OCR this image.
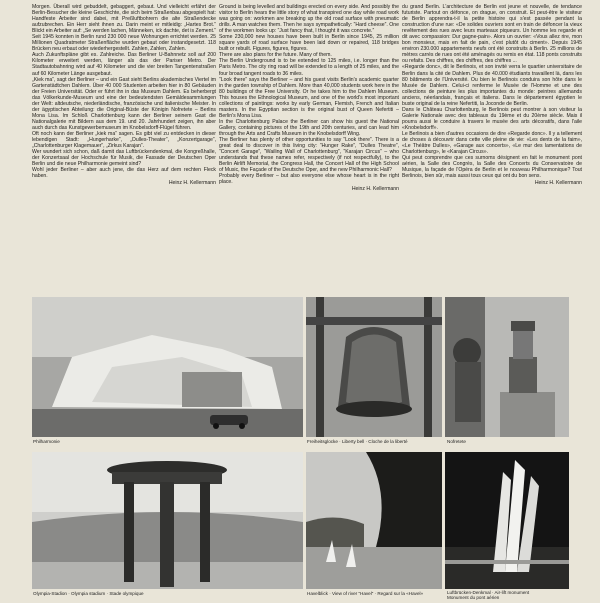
Morgen. Überall wird gebuddelt, gebaggert, gebaut. Und vielleicht erfährt der Berlin-Besucher die kleine Geschichte, die sich beim Straßenbau abgespielt hat: Handfeste Arbeiter sind dabei, mit Preßluftbohrern die alte Straßendecke aufzubrechen. Ein Herr sieht ihnen zu. Darin meint er mitleidig: „Hartes Brot.“ Blickt ein Arbeiter auf: „Se werden lachen, Männeken, ick dachte, det is Zement.“ Seit 1945 konnten in Berlin rund 230 000 neue Wohnungen errichtet werden. 25 Millionen Quadratmeter Straßenfläche wurden gebaut oder instandgesetzt. 118 Brücken neu erbaut oder wiederhergestellt. Zahlen, Zahlen, Zahlen.

Auch Zukunftspläne gibt es. Zahlreiche. Das Berliner U-Bahnnetz soll auf 200 Kilometer erweitert werden, länger als das der Pariser Metro. Der Stadtautobahnring wird auf 40 Kilometer und die vier breiten Tangentenstraßen auf 60 Kilometer Länge ausgebaut.

„Kiek ma“, sagt der Berliner – und ein Gast sieht Berlins akademisches Viertel im Gartenstädtchen Dahlem. Über 40 000 Studenten arbeiten hier in 80 Gebäuden der Freien Universität. Oder er führt ihn in das Museum Dahlem. Es beherbergt das Völkerkunde-Museum und eine der bedeutendsten Gemäldesammlungen der Welt: altdeutsche, niederländische, französische und italienische Meister. In der ägyptischen Abteilung: die Original-Büste der Königin Nofretete – Berlins Mona Lisa. Im Schloß Charlottenburg kann der Berliner seinem Gast die Nationalgalerie mit Bildern aus dem 19. und 20. Jahrhundert zeigen, ihn aber auch durch das Kunstgewerbemuseum im Knobelsdorff-Flügel führen.

Oft noch kann der Berliner „kiek ma“ sagen. Es gibt viel zu entdecken in dieser lebendigen Stadt: „Hungerharke“, „Dulles-Theater“, „Konzertgarage“, „Charlottenburger Klagemauer“, „Zirkus Karajan“.

Wer wundert sich schon, daß damit das Luftbrückendenkmal, die Kongreßhalle, der Konzertsaal der Hochschule für Musik, die Fassade der Deutschen Oper Berlin und die neue Philharmonie gemeint sind?

Wohl jeder Berliner – aber auch jene, die das Herz auf dem rechten Fleck haben.

Heinz H. Kellermann

Ground is being levelled and buildings erected on every side. And possibly the visitor to Berlin hears the little story of what transpired one day while road work was going on: workmen are breaking up the old road surface with pneumatic drills. A man watches them. Then he says sympathetically: “Hard cheese”. One of the workmen looks up: “Just fancy that, I thought it was concrete.”

Some 230,000 new houses have been built in Berlin since 1945, 25 million square yards of road surface have been laid down or repaired, 118 bridges built or rebuilt. Figures, figures, figures.

There are also plans for the future. Many of them.

The Berlin Underground is to be extended to 125 miles, i.e. longer than the Paris Metro. The city ring road will be extended to a length of 25 miles, and the four broad tangent roads to 36 miles.

“Look there” says the Berliner – and his guest visits Berlin's academic quarter in the garden township of Dahlem. More than 40,000 students work here in the 80 buildings of the Free University. Or he takes him to the Dahlem Museum. This houses the Ethnological Museum, and one of the world's most important collections of paintings: works by early German, Flemish, French and Italian masters. In the Egyptian section is the original bust of Queen Nefertiti – Berlin's Mona Lisa.

In the Charlottenburg Palace the Berliner can show his guest the National Gallery, containing pictures of the 19th and 20th centuries, and can lead him through the Arts and Crafts Museum in the Knobelsdorff Wing.

The Berliner has plenty of other opportunities to say “Look there”. There is a great deal to discover in this living city: “Hunger Rake”, “Dulles Theatre”, “Concert Garage”, “Wailing Wall of Charlottenburg”, “Karajan Circus” – who understands that these names refer, respectively (if not respectfully), to the Berlin Airlift Memorial, the Congress Hall, the Concert Hall of the High School of Music, the Façade of the Deutsche Oper, and the new Philharmonic Hall?

Probably every Berliner – but also everyone else whose heart is in the right place.

Heinz H. Kellermann

du grand Berlin. L'architecture de Berlin est jeune et nouvelle, de tendance futuriste. Partout on défonce, on drague, on construit. Et peut-être le visiteur de Berlin apprendra-t-il la petite histoire qui s'est passée pendant la construction d'une rue: «De solides ouvriers sont en train de défoncer la vieux revêtement des rues avec leurs marteaux piqueurs. Un homme les regarde et dit avec compassion: Dur gagne-pain». Alors un ouvrier: «Vous allez rire, mon bon monsieur, mais en fait de pain, c'est plutôt du ciment». Depuis 1945 environ 230.000 appartements neufs ont été construits à Berlin. 25 millions de mètres carrés de rues ont été aménagés ou remis en état. 118 ponts construits ou refaits. Des chiffres, des chiffres, des chiffres ...

«Regarde donc», dit le Berlinois, et son invité verra le quartier universitaire de Berlin dans la cité de Dahlem. Plus de 40.000 étudiants travaillent là, dans les 80 bâtiments de l'Université. Ou bien le Berlinois conduira son hôte dans le Musée de Dahlem. Celui-ci renferme le Musée de l'Homme et une des collections de peinture les plus importantes du monde: peintres allemands anciens, néerlandais, français et italiens. Dans le département égyptien le buste original de la reine Nefertiti, la Joconde de Berlin.

Dans le Château Charlottenburg, le Berlinois peut montrer à son visiteur la Galerie Nationale avec des tableaux du 19ème et du 20ème siècle. Mais il pourra aussi le conduire à travers le musée des arts décoratifs, dans l'aile «Knobelsdorff».

Le Berlinois a bien d'autres occasions de dire «Regarde donc». Il y a tellement de choses à découvrir dans cette ville pleine de vie: «Les dents de la faim», «Le Théâtre Dulles», «Garage aux concerts», «Le mur des lamentations de Charlottenburg», le «Karajan Circus».

Qui peut comprendre que ces surnoms désignent en fait le monument pont aérien, la Salle des Congrès, la Salle des Concerts du Conservatoire de Musique, la façade de l'Opéra de Berlin et le nouveau Philharmonique? Tout Berlinois, bien sûr, mais aussi tous ceux qui ont du bon sens.

Heinz H. Kellermann

Philharmonie	Freiheitsglocke · Liberty bell · Cloche de la liberté	Nofretete
Olympia-Stadion · Olympia stadium · Stade olympique	Havelblick · View of river “Havel” · Regard sur la «Havel»	Luftbrücken-Denkmal · Air-lift monument
Monument du pont aérien
